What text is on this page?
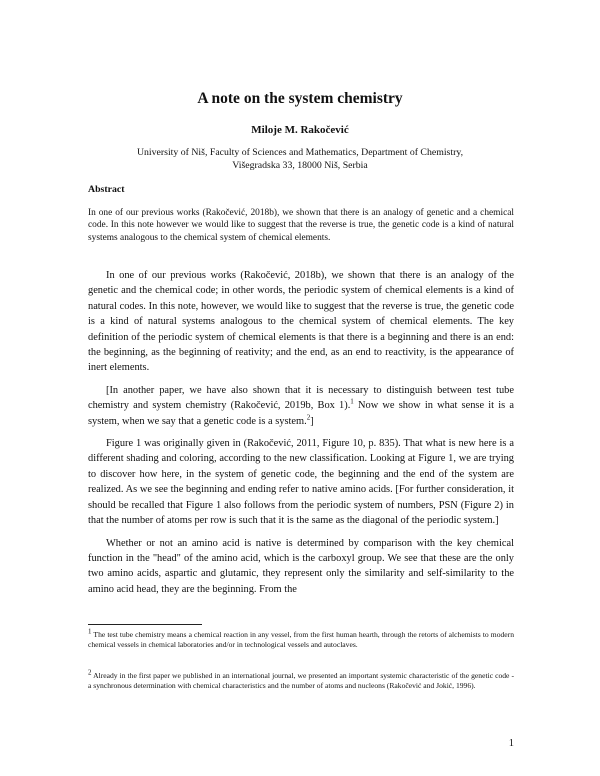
A note on the system chemistry
Miloje M. Rakočević
University of Niš, Faculty of Sciences and Mathematics, Department of Chemistry,
Višegradska 33, 18000 Niš, Serbia
Abstract
In one of our previous works (Rakočević, 2018b), we shown that there is an analogy of genetic and a chemical code. In this note however we would like to suggest that the reverse is true, the genetic code is a kind of natural systems analogous to the chemical system of chemical elements.

In one of our previous works (Rakočević, 2018b), we shown that there is an analogy of the genetic and the chemical code; in other words, the periodic system of chemical elements is a kind of natural codes. In this note, however, we would like to suggest that the reverse is true, the genetic code is a kind of natural systems analogous to the chemical system of chemical elements. The key definition of the periodic system of chemical elements is that there is a beginning and there is an end: the beginning, as the beginning of reativity; and the end, as an end to reactivity, is the appearance of inert elements.

[In another paper, we have also shown that it is necessary to distinguish between test tube chemistry and system chemistry (Rakočević, 2019b, Box 1).$^1$ Now we show in what sense it is a system, when we say that a genetic code is a system.$^2$]

Figure 1 was originally given in (Rakočević, 2011, Figure 10, p. 835). That what is new here is a different shading and coloring, according to the new classification. Looking at Figure 1, we are trying to discover how here, in the system of genetic code, the beginning and the end of the system are realized. As we see the beginning and ending refer to native amino acids. [For further consideration, it should be recalled that Figure 1 also follows from the periodic system of numbers, PSN (Figure 2) in that the number of atoms per row is such that it is the same as the diagonal of the periodic system.]

Whether or not an amino acid is native is determined by comparison with the key chemical function in the "head" of the amino acid, which is the carboxyl group. We see that these are the only two amino acids, aspartic and glutamic, they represent only the similarity and self-similarity to the amino acid head, they are the beginning. From the

$^1$ The test tube chemistry means a chemical reaction in any vessel, from the first human hearth, through the retorts of alchemists to modern chemical vessels in chemical laboratories and/or in technological vessels and autoclaves.

$^2$ Already in the first paper we published in an international journal, we presented an important systemic characteristic of the genetic code - a synchronous determination with chemical characteristics and the number of atoms and nucleons (Rakočević and Jokić, 1996).

1
